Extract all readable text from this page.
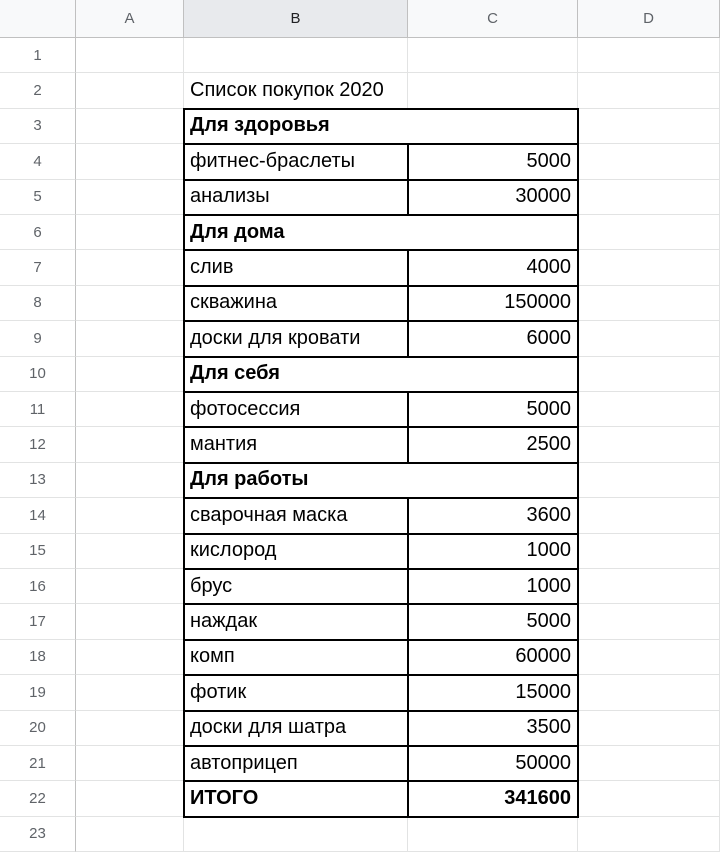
A	B	C	D
1
2	Список покупок 2020
3	Для здоровья
4	фитнес-браслеты	5000
5	анализы	30000
6	Для дома
7	слив	4000
8	скважина	150000
9	доски для кровати	6000
10	Для себя
11	фотосессия	5000
12	мантия	2500
13	Для работы
14	сварочная маска	3600
15	кислород	1000
16	брус	1000
17	наждак	5000
18	комп	60000
19	фотик	15000
20	доски для шатра	3500
21	автоприцеп	50000
22	ИТОГО	341600
23
